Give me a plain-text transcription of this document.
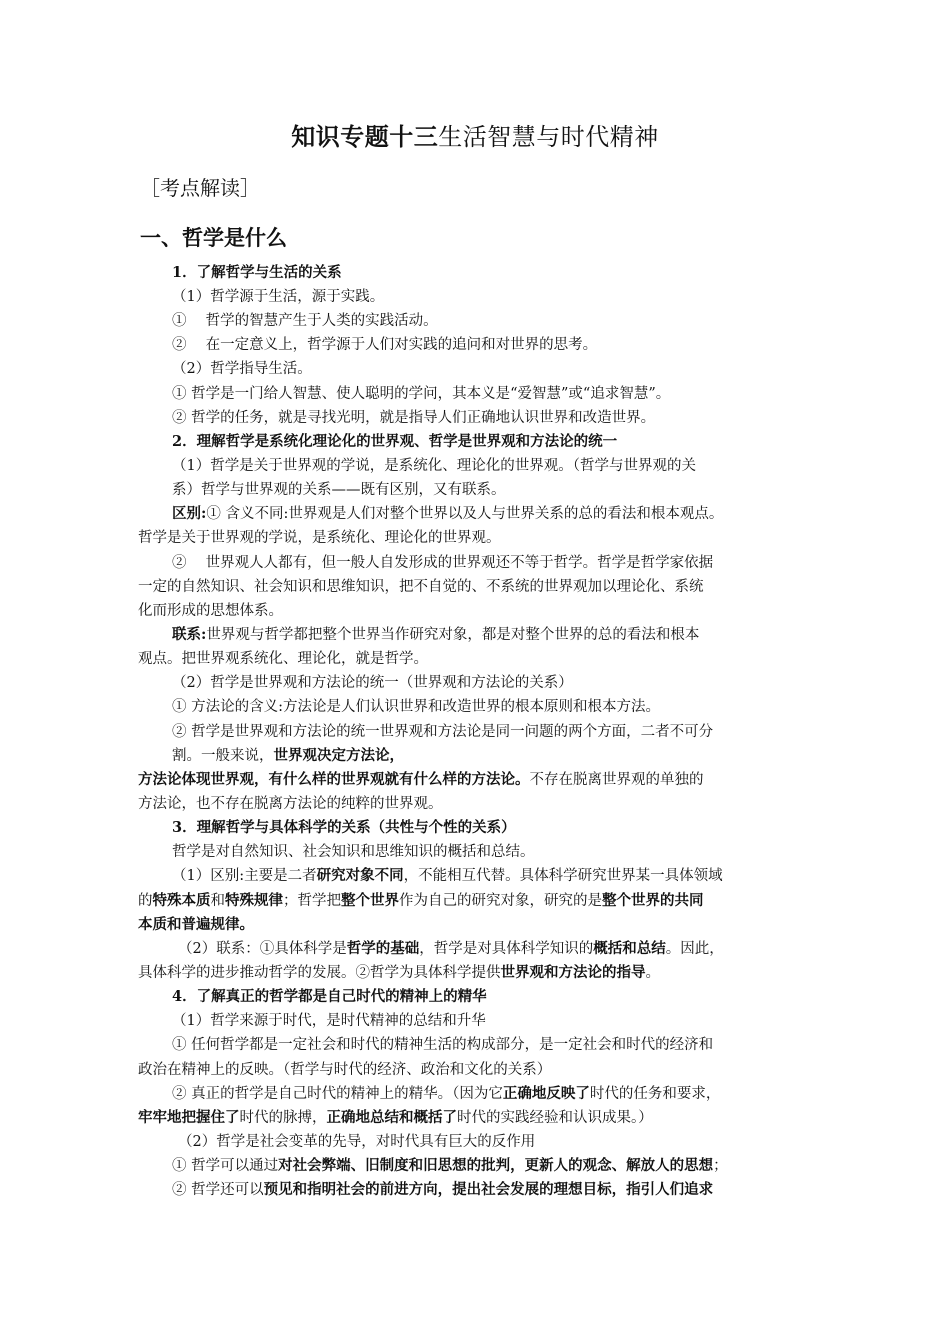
知识专题十三生活智慧与时代精神
［考点解读］
一、哲学是什么
1．了解哲学与生活的关系
（1）哲学源于生活，源于实践。
①　 哲学的智慧产生于人类的实践活动。
②　 在一定意义上，哲学源于人们对实践的追问和对世界的思考。
（2）哲学指导生活。
① 哲学是一门给人智慧、使人聪明的学问，其本义是“爱智慧”或“追求智慧”。
② 哲学的任务，就是寻找光明，就是指导人们正确地认识世界和改造世界。
2．理解哲学是系统化理论化的世界观、哲学是世界观和方法论的统一
（1）哲学是关于世界观的学说，是系统化、理论化的世界观。（哲学与世界观的关
系）哲学与世界观的关系——既有区别，又有联系。
区别:① 含义不同:世界观是人们对整个世界以及人与世界关系的总的看法和根本观点。
哲学是关于世界观的学说，是系统化、理论化的世界观。
②　 世界观人人都有，但一般人自发形成的世界观还不等于哲学。哲学是哲学家依据
一定的自然知识、社会知识和思维知识，把不自觉的、不系统的世界观加以理论化、系统
化而形成的思想体系。
联系:世界观与哲学都把整个世界当作研究对象，都是对整个世界的总的看法和根本
观点。把世界观系统化、理论化，就是哲学。
（2）哲学是世界观和方法论的统一（世界观和方法论的关系）
① 方法论的含义:方法论是人们认识世界和改造世界的根本原则和根本方法。
② 哲学是世界观和方法论的统一世界观和方法论是同一问题的两个方面，二者不可分
割。一般来说，世界观决定方法论，
方法论体现世界观，有什么样的世界观就有什么样的方法论。不存在脱离世界观的单独的
方法论，也不存在脱离方法论的纯粹的世界观。
3．理解哲学与具体科学的关系（共性与个性的关系）
哲学是对自然知识、社会知识和思维知识的概括和总结。
（1）区别:主要是二者研究对象不同，不能相互代替。具体科学研究世界某一具体领域
的特殊本质和特殊规律；哲学把整个世界作为自己的研究对象，研究的是整个世界的共同
本质和普遍规律。
（2）联系：①具体科学是哲学的基础，哲学是对具体科学知识的概括和总结。因此，
具体科学的进步推动哲学的发展。②哲学为具体科学提供世界观和方法论的指导。
4．了解真正的哲学都是自己时代的精神上的精华
（1）哲学来源于时代，是时代精神的总结和升华
① 任何哲学都是一定社会和时代的精神生活的构成部分，是一定社会和时代的经济和
政治在精神上的反映。（哲学与时代的经济、政治和文化的关系）
② 真正的哲学是自己时代的精神上的精华。（因为它正确地反映了时代的任务和要求，
牢牢地把握住了时代的脉搏，正确地总结和概括了时代的实践经验和认识成果。）
（2）哲学是社会变革的先导，对时代具有巨大的反作用
① 哲学可以通过对社会弊端、旧制度和旧思想的批判，更新人的观念、解放人的思想；
② 哲学还可以预见和指明社会的前进方向，提出社会发展的理想目标，指引人们追求
